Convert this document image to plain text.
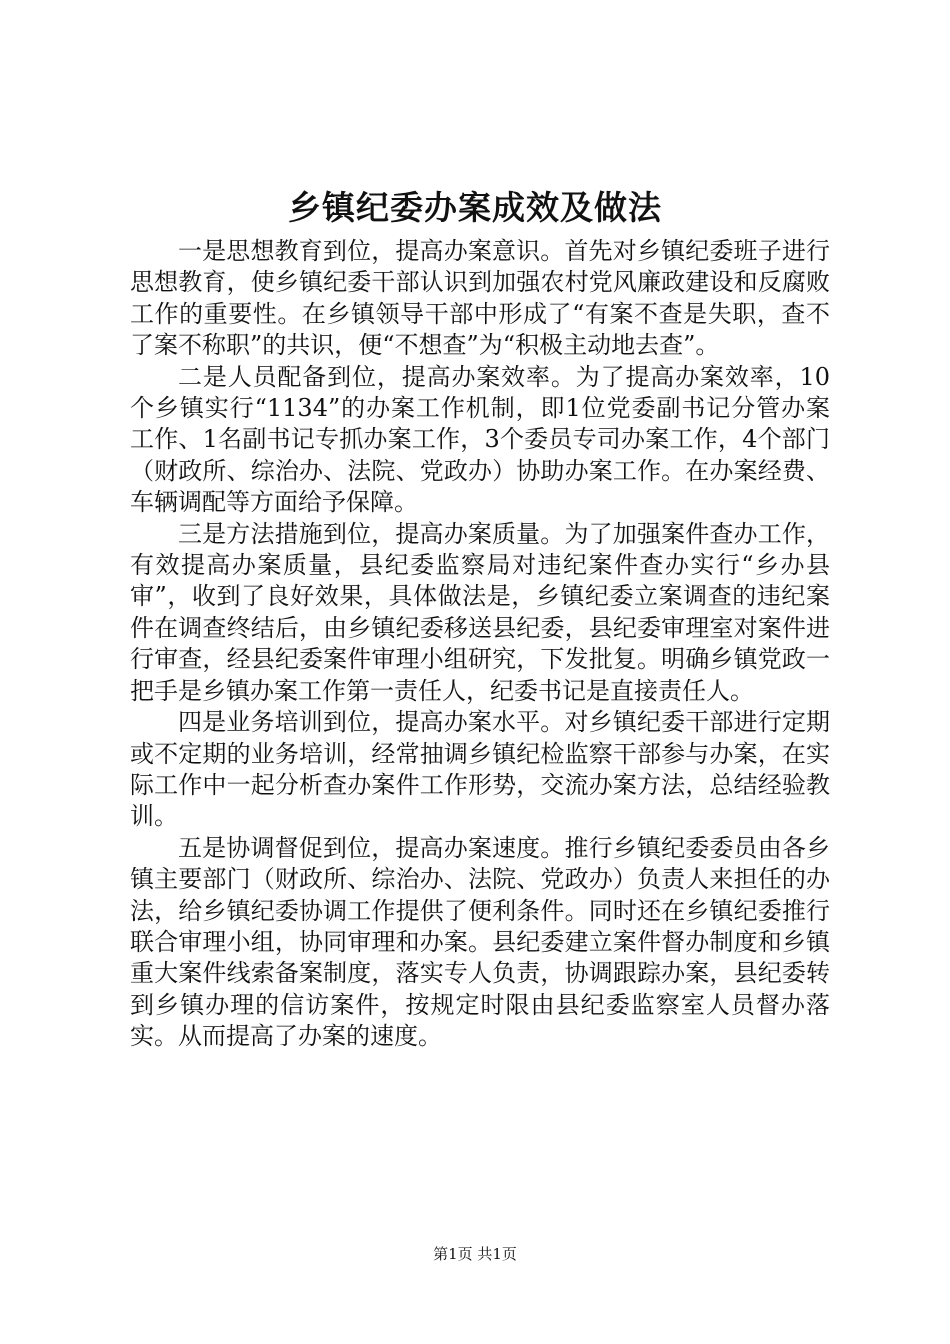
乡镇纪委办案成效及做法

一是思想教育到位，提高办案意识。首先对乡镇纪委班子进行思想教育，使乡镇纪委干部认识到加强农村党风廉政建设和反腐败工作的重要性。在乡镇领导干部中形成了“有案不查是失职，查不了案不称职”的共识，便“不想查”为“积极主动地去查”。

二是人员配备到位，提高办案效率。为了提高办案效率，10个乡镇实行“1134”的办案工作机制，即1位党委副书记分管办案工作、1名副书记专抓办案工作，3个委员专司办案工作，4个部门（财政所、综治办、法院、党政办）协助办案工作。在办案经费、车辆调配等方面给予保障。

三是方法措施到位，提高办案质量。为了加强案件查办工作，有效提高办案质量，县纪委监察局对违纪案件查办实行“乡办县审”，收到了良好效果，具体做法是，乡镇纪委立案调查的违纪案件在调查终结后，由乡镇纪委移送县纪委，县纪委审理室对案件进行审查，经县纪委案件审理小组研究，下发批复。明确乡镇党政一把手是乡镇办案工作第一责任人，纪委书记是直接责任人。

四是业务培训到位，提高办案水平。对乡镇纪委干部进行定期或不定期的业务培训，经常抽调乡镇纪检监察干部参与办案，在实际工作中一起分析查办案件工作形势，交流办案方法，总结经验教训。

五是协调督促到位，提高办案速度。推行乡镇纪委委员由各乡镇主要部门（财政所、综治办、法院、党政办）负责人来担任的办法，给乡镇纪委协调工作提供了便利条件。同时还在乡镇纪委推行联合审理小组，协同审理和办案。县纪委建立案件督办制度和乡镇重大案件线索备案制度，落实专人负责，协调跟踪办案，县纪委转到乡镇办理的信访案件，按规定时限由县纪委监察室人员督办落实。从而提高了办案的速度。

第1页 共1页
